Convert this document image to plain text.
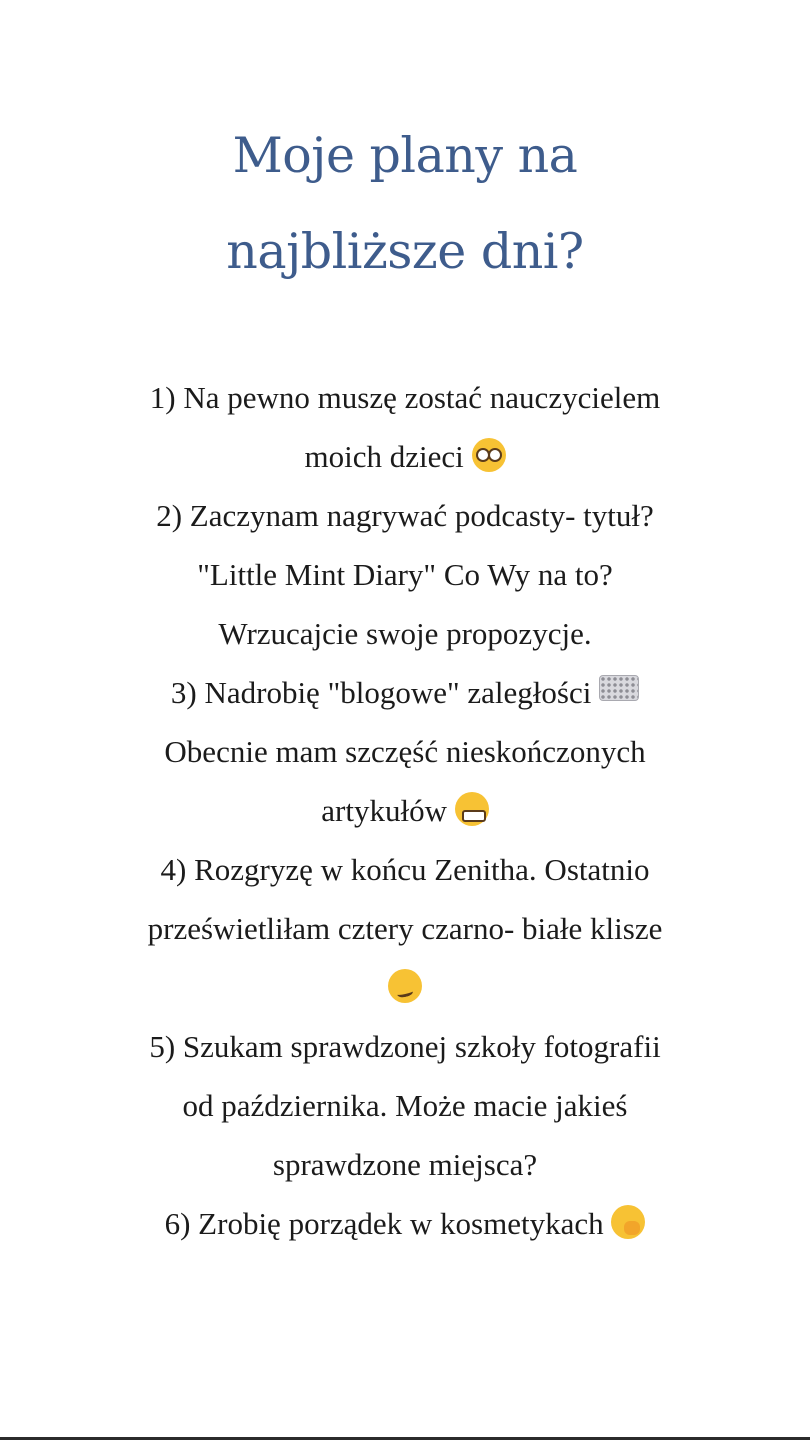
Moje plany na
najbliższe dni?
1) Na pewno muszę zostać nauczycielem
moich dzieci
2) Zaczynam nagrywać podcasty- tytuł?
"Little Mint Diary" Co Wy na to?
Wrzucajcie swoje propozycje.
3) Nadrobię "blogowe" zaległości
Obecnie mam szczęść nieskończonych
artykułów
4) Rozgryzę w końcu Zenitha. Ostatnio
prześwietliłam cztery czarno- białe klisze
5) Szukam sprawdzonej szkoły fotografii
od października. Może macie jakieś
sprawdzone miejsca?
6) Zrobię porządek w kosmetykach
